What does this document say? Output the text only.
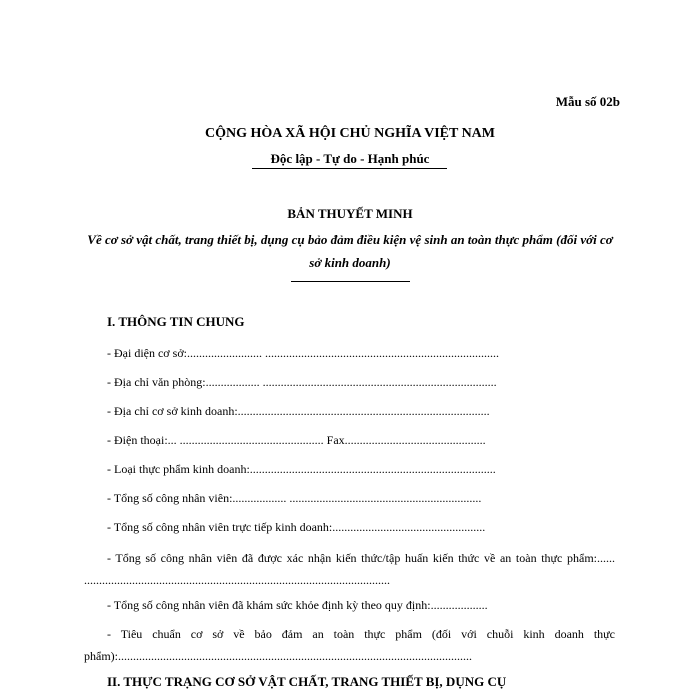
Mẫu số 02b
CỘNG HÒA XÃ HỘI CHỦ NGHĨA VIỆT NAM
Độc lập - Tự do - Hạnh phúc
BẢN THUYẾT MINH
Về cơ sở vật chất, trang thiết bị, dụng cụ bảo đảm điều kiện vệ sinh an toàn thực phẩm (đối với cơ sở kinh doanh)
I. THÔNG TIN CHUNG
- Đại diện cơ sở:......................... ..............................................................................
- Địa chỉ văn phòng:.................. ..............................................................................
- Địa chỉ cơ sở kinh doanh:....................................................................................
- Điện thoại:... ................................................ Fax...............................................
- Loại thực phẩm kinh doanh:..................................................................................
- Tổng số công nhân viên:.................. ................................................................
- Tổng số công nhân viên trực tiếp kinh doanh:...................................................
- Tổng số công nhân viên đã được xác nhận kiến thức/tập huấn kiến thức về an toàn thực phẩm:...... ......................................................................................................
- Tổng số công nhân viên đã khám sức khỏe định kỳ theo quy định:...................
- Tiêu chuẩn cơ sở về bảo đảm an toàn thực phẩm (đối với chuỗi kinh doanh thực phẩm):......................................................................................................................
II. THỰC TRẠNG CƠ SỞ VẬT CHẤT, TRANG THIẾT BỊ, DỤNG CỤ
